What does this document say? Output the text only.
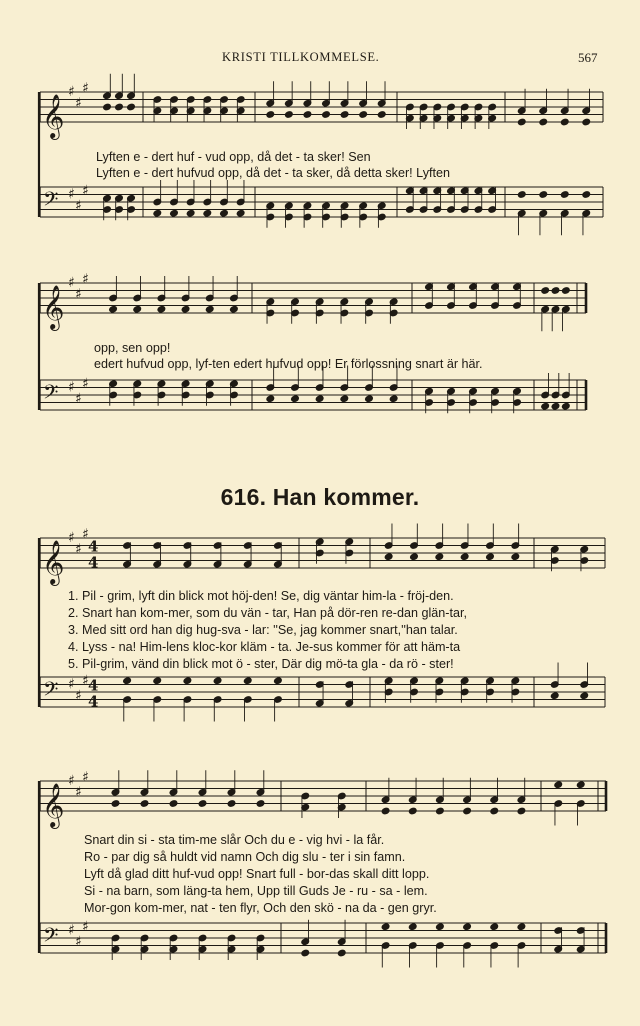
KRISTI TILLKOMMELSE.	567
𝄞
𝄢
♯
♯
♯
♯
♯
♯
𝄞
𝄢
♯
♯
♯
♯
♯
♯
𝄞
𝄢
♯
♯
♯
♯
♯
♯
4
4
4
4
𝄞
𝄢
♯
♯
♯
♯
♯
♯
Lyften e - dert huf - vud opp, då det - ta sker! Sen
Lyften e - dert hufvud opp, då det - ta sker, då detta sker! Lyften
opp, sen opp!
edert hufvud opp, lyf-ten edert hufvud opp! Er förlossning snart är här.
616. Han kommer.
1. Pil - grim, lyft din blick mot höj-den! Se, dig väntar him-la - fröj-den.
2. Snart han kom-mer, som du vän - tar, Han på dör-ren re-dan glän-tar,
3. Med sitt ord han dig hug-sva - lar: ''Se, jag kommer snart,''han talar.
4. Lyss - na! Him-lens kloc-kor kläm - ta. Je-sus kommer för att häm-ta
5. Pil-grim, vänd din blick mot ö - ster, Där dig mö-ta gla - da rö - ster!
Snart din si - sta tim-me slår Och du e - vig hvi - la får.
Ro - par dig så huldt vid namn Och dig slu - ter i sin famn.
Lyft då glad ditt huf-vud opp! Snart full - bor-das skall ditt lopp.
Si - na barn, som läng-ta hem, Upp till Guds Je - ru - sa - lem.
Mor-gon kom-mer, nat - ten flyr, Och den skö - na da - gen gryr.
